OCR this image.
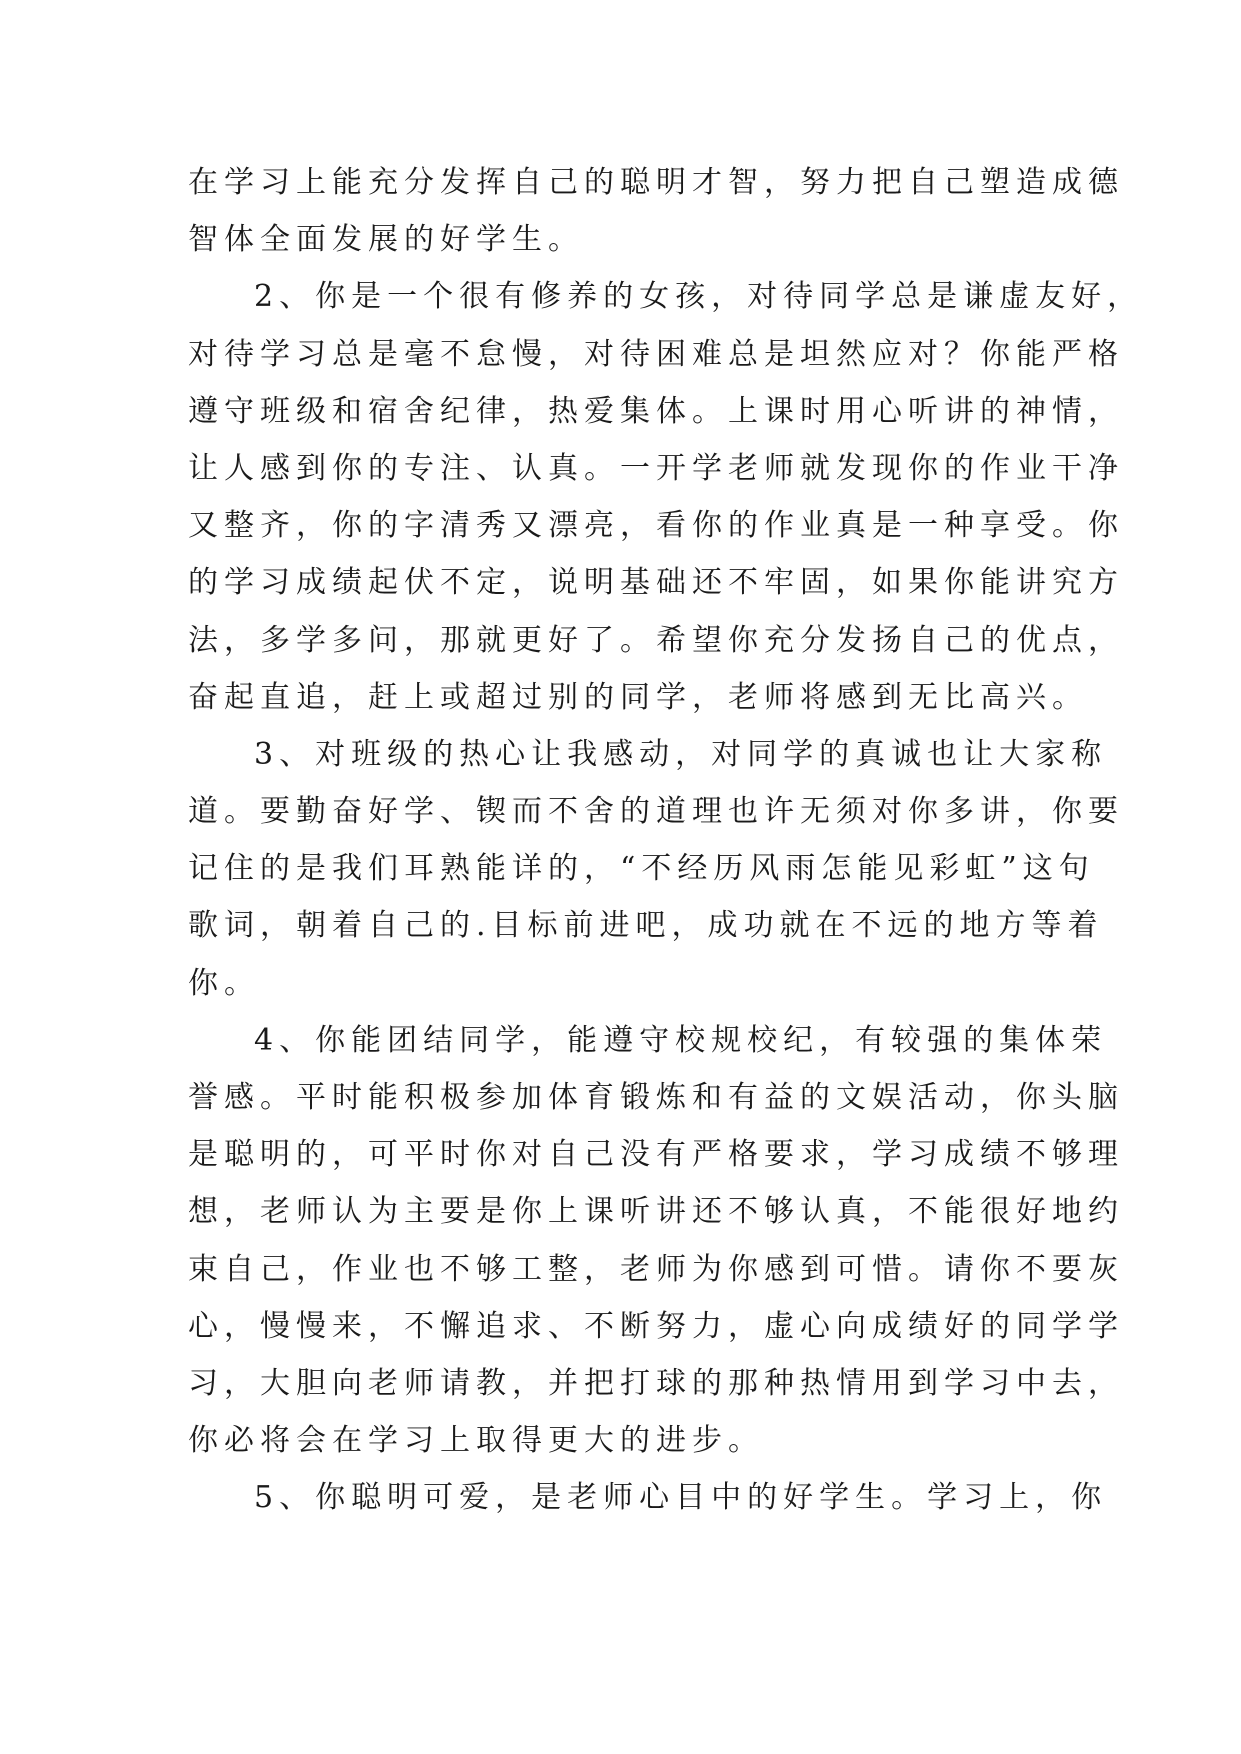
在学习上能充分发挥自己的聪明才智，努力把自己塑造成德
智体全面发展的好学生。
2、你是一个很有修养的女孩，对待同学总是谦虚友好，
对待学习总是毫不怠慢，对待困难总是坦然应对？你能严格
遵守班级和宿舍纪律，热爱集体。上课时用心听讲的神情，
让人感到你的专注、认真。一开学老师就发现你的作业干净
又整齐，你的字清秀又漂亮，看你的作业真是一种享受。你
的学习成绩起伏不定，说明基础还不牢固，如果你能讲究方
法，多学多问，那就更好了。希望你充分发扬自己的优点，
奋起直追，赶上或超过别的同学，老师将感到无比高兴。
3、对班级的热心让我感动，对同学的真诚也让大家称
道。要勤奋好学、锲而不舍的道理也许无须对你多讲，你要
记住的是我们耳熟能详的，“不经历风雨怎能见彩虹”这句
歌词，朝着自己的.目标前进吧，成功就在不远的地方等着
你。
4、你能团结同学，能遵守校规校纪，有较强的集体荣
誉感。平时能积极参加体育锻炼和有益的文娱活动，你头脑
是聪明的，可平时你对自己没有严格要求，学习成绩不够理
想，老师认为主要是你上课听讲还不够认真，不能很好地约
束自己，作业也不够工整，老师为你感到可惜。请你不要灰
心，慢慢来，不懈追求、不断努力，虚心向成绩好的同学学
习，大胆向老师请教，并把打球的那种热情用到学习中去，
你必将会在学习上取得更大的进步。
5、你聪明可爱，是老师心目中的好学生。学习上，你
